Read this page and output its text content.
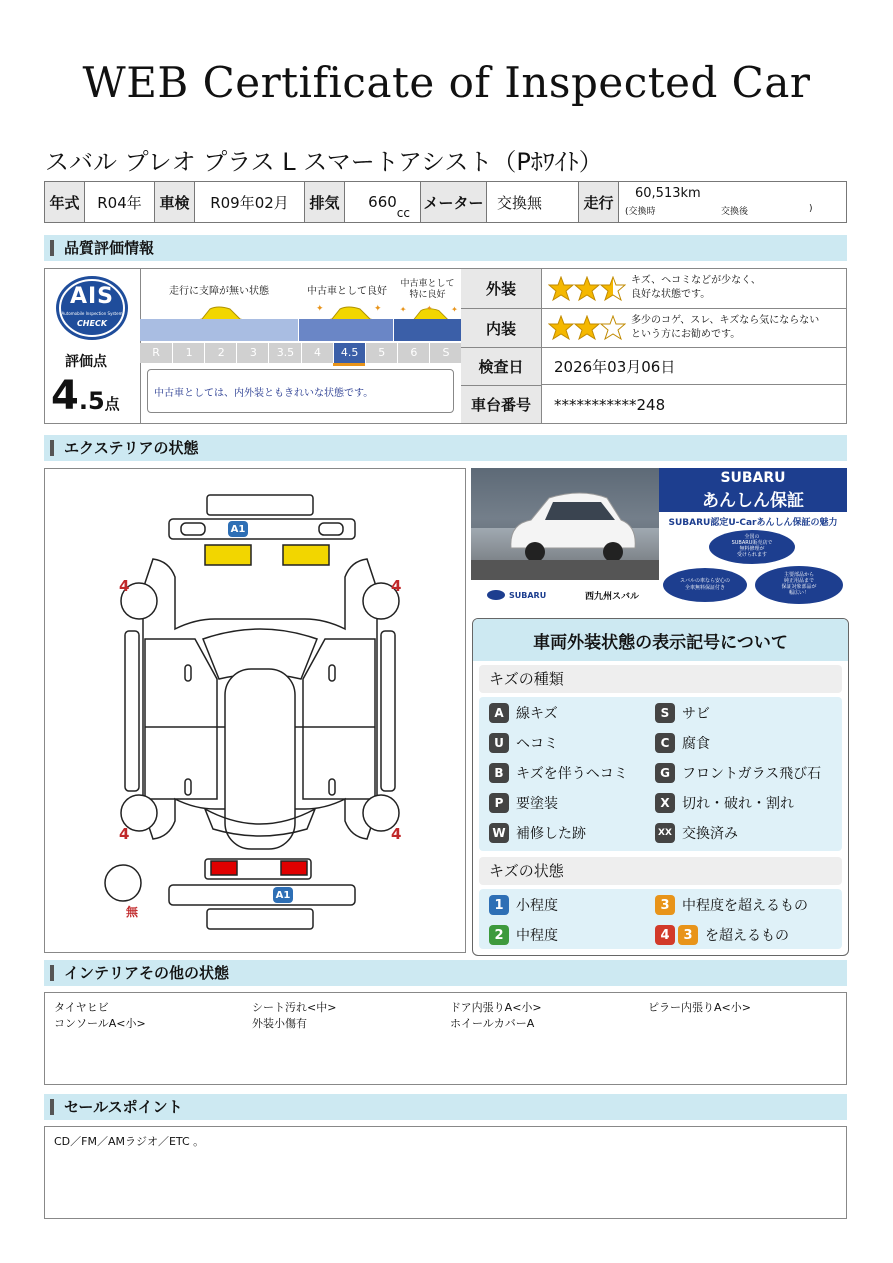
WEB Certificate of Inspected Car
スバル プレオ プラス L スマートアシスト（Pﾎﾜｲﾄ）
年式	R04年	車検	R09年02月	排気	660
cc
メーター 交換無	走行	60,513km
(交換時	交換後	)
品質評価情報
AIS
Automobile Inspection System
CHECK
評価点
4.5点
走行に支障が無い状態	中古車として良好
中古車として
特に良好
✦	✦ ✦	✦
✦
R	1	2	3	3.5	4	4.5	5	6	S
中古車としては、内外装ともきれいな状態です。
外装	キズ、ヘコミなどが少なく、
良好な状態です。
内装	多少のコゲ、スレ、キズなら気にならない
という方にお勧めです。
検査日	2026年03月06日
車台番号	***********248
エクステリアの状態
A1
A1
4	4
4	4
無
SUBARU
あんしん保証
SUBARU認定U-Carあんしん保証の魅力
全国の
SUBARU販売店で
無料修理が
受けられます
スバルの車なら安心の
全車無料保証付き
主要部品から
純正用品まで
保証対象部品が
幅広い！
SUBARU	西九州スバル
車両外装状態の表示記号について
キズの種類
A 線キズ	S サビ
U ヘコミ	C 腐食
B キズを伴うヘコミ	G フロントガラス飛び石
P 要塗装	X 切れ・破れ・割れ
W 補修した跡	XX 交換済み
キズの状態
1 小程度	3 中程度を超えるもの
2 中程度	4	3 を超えるもの
インテリアその他の状態
タイヤヒビ	シート汚れ<中>	ドア内張りA<小>	ピラー内張りA<小>
コンソールA<小>	外装小傷有	ホイールカバーA
セールスポイント
CD／FM／AMラジオ／ETC 。
